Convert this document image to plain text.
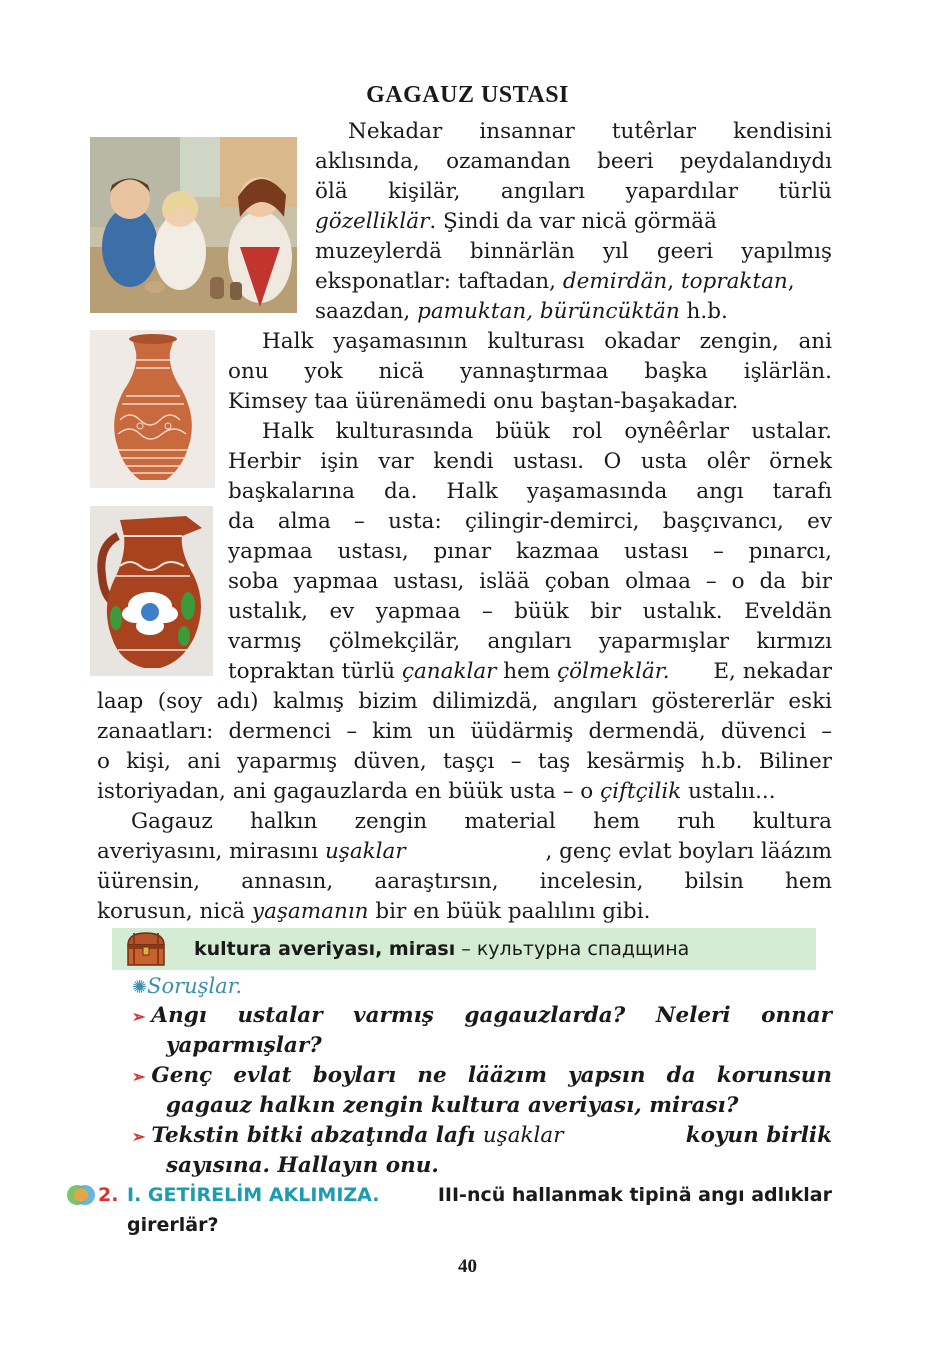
GAGAUZ USTASI
Nekadar insannar tutêrlar kendisini
aklısında, ozamandan beeri peydalandıydı
ölä kişilär, angıları yapardılar türlü
gözelliklär. Şindi da var nicä görmää
muzeylerdä binnärlän yıl geeri yapılmış
eksponatlar: taftadan, demirdän, topraktan,
saazdan, pamuktan, bürüncüktän h.b.
Halk yaşamasının kulturası okadar zengin, ani
onu yok nicä yannaştırmaa başka işlärlän.
Kimsey taa üürenämedi onu baştan-başakadar.
Halk kulturasında büük rol oynêêrlar ustalar.
Herbir işin var kendi ustası. O usta olêr örnek
başkalarına da. Halk yaşamasında angı tarafı
da alma – usta: çilingir-demirci, başçıvancı, ev
yapmaa ustası, pınar kazmaa ustası – pınarcı,
soba yapmaa ustası, islää çoban olmaa – o da bir
ustalık, ev yapmaa – büük bir ustalık. Eveldän
varmış çölmekçilär, angıları yaparmışlar kırmızı
topraktan türlü çanaklar hem çölmeklär. E, nekadar
laap (soy adı) kalmış bizim dilimizdä, angıları göstererlär eski
zanaatları: dermenci – kim un üüdärmiş dermendä, düvenci –
o kişi, ani yaparmış düven, taşçı – taş kesärmiş h.b. Biliner
istoriyadan, ani gagauzlarda en büük usta – o çiftçilik ustalıı...
Gagauz halkın zengin material hem ruh kultura
averiyasını, mirasını uşaklar	, genç evlat boyları läázım
üürensin, annasın, aaraştırsın, incelesin, bilsin hem
korusun, nicä yaşamanın bir en büük paalılını gibi.
kultura averiyası, mirası – культурна спадщина
✺Soruşlar.
➢ Angı ustalar varmış gagauzlarda? Neleri onnar
yaparmışlar?
➢ Genç evlat boyları ne lääzım yapsın da korunsun
gagauz halkın zengin kultura averiyası, mirası?
➢ Tekstin bitki abzaţında lafı uşaklar	koyun birlik
sayısına. Hallayın onu.
2. I. GETİRELİM AKLIMIZA.	III-ncü hallanmak tipinä angı adlıklar
girerlär?
40
